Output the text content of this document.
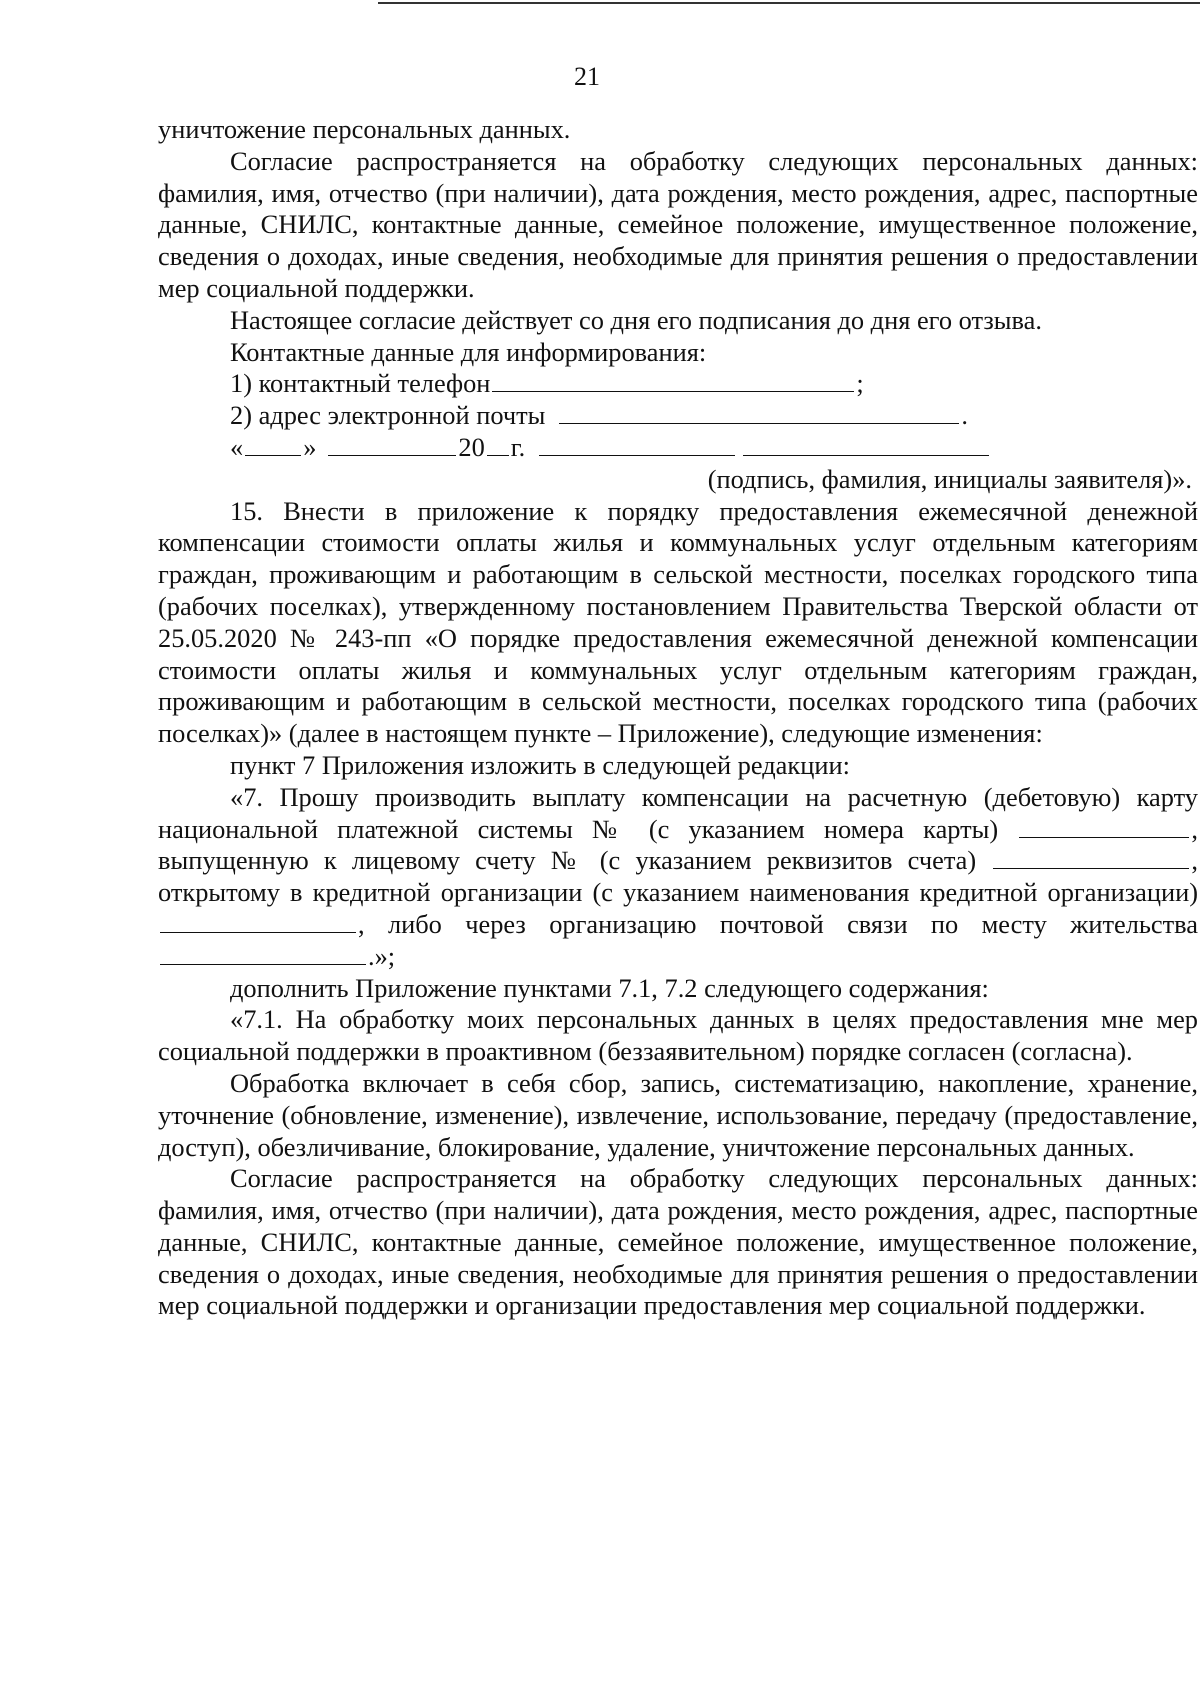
21

уничтожение персональных данных.

Согласие распространяется на обработку следующих персональных данных: фамилия, имя, отчество (при наличии), дата рождения, место рождения, адрес, паспортные данные, СНИЛС, контактные данные, семейное положение, имущественное положение, сведения о доходах, иные сведения, необходимые для принятия решения о предоставлении мер социальной поддержки.

Настоящее согласие действует со дня его подписания до дня его отзыва.

Контактные данные для информирования:

1) контактный телефон	;

2) адрес электронной почты	.

« »	20 г.

(подпись, фамилия, инициалы заявителя)».

15. Внести в приложение к порядку предоставления ежемесячной денежной компенсации стоимости оплаты жилья и коммунальных услуг отдельным категориям граждан, проживающим и работающим в сельской местности, поселках городского типа (рабочих поселках), утвержденному постановлением Правительства Тверской области от 25.05.2020 № 243-пп «О порядке предоставления ежемесячной денежной компенсации стоимости оплаты жилья и коммунальных услуг отдельным категориям граждан, проживающим и работающим в сельской местности, поселках городского типа (рабочих поселках)» (далее в настоящем пункте – Приложение), следующие изменения:

пункт 7 Приложения изложить в следующей редакции:

«7. Прошу производить выплату компенсации на расчетную (дебетовую) карту национальной платежной системы № (с указанием номера карты)	, выпущенную к лицевому счету № (с указанием реквизитов счета)	, открытому в кредитной организации (с указанием наименования кредитной организации) , либо через организацию почтовой связи по месту жительства .»;

дополнить Приложение пунктами 7.1, 7.2 следующего содержания:

«7.1. На обработку моих персональных данных в целях предоставления мне мер социальной поддержки в проактивном (беззаявительном) порядке согласен (согласна).

Обработка включает в себя сбор, запись, систематизацию, накопление, хранение, уточнение (обновление, изменение), извлечение, использование, передачу (предоставление, доступ), обезличивание, блокирование, удаление, уничтожение персональных данных.

Согласие распространяется на обработку следующих персональных данных: фамилия, имя, отчество (при наличии), дата рождения, место рождения, адрес, паспортные данные, СНИЛС, контактные данные, семейное положение, имущественное положение, сведения о доходах, иные сведения, необходимые для принятия решения о предоставлении мер социальной поддержки и организации предоставления мер социальной поддержки.
